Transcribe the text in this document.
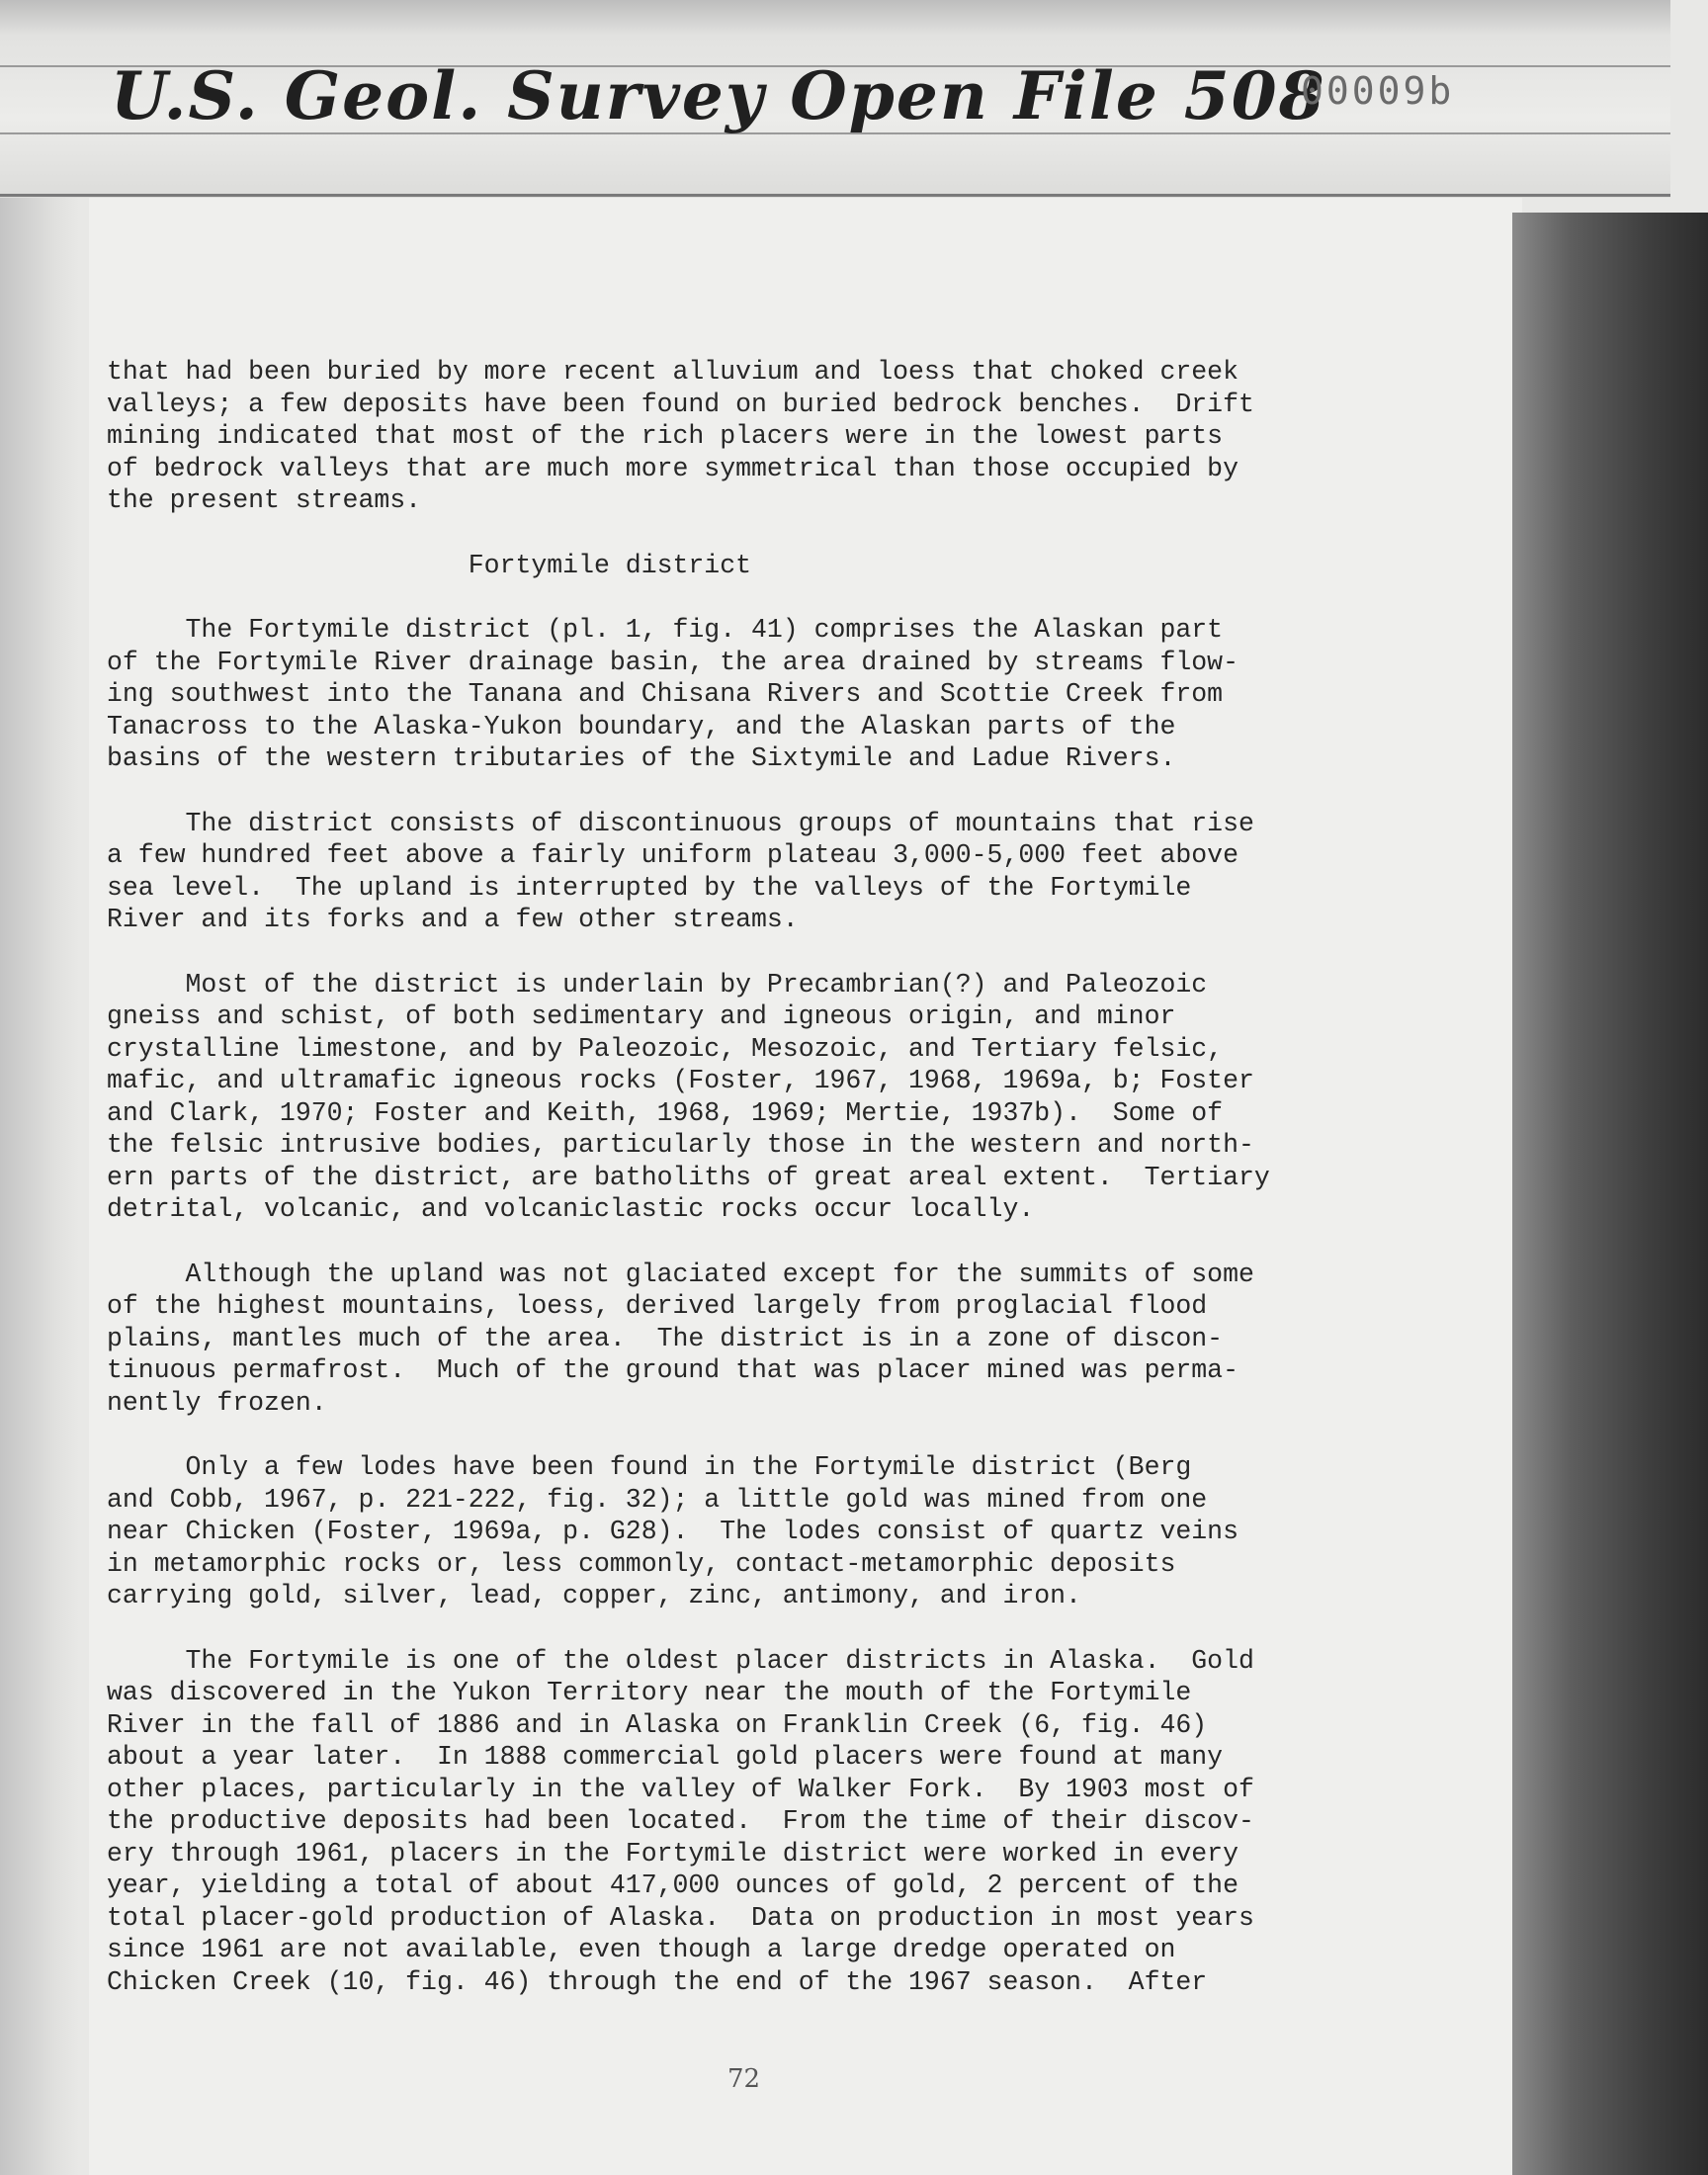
U.S. Geol. Survey Open File 508
00009b

that had been buried by more recent alluvium and loess that choked creek
valleys; a few deposits have been found on buried bedrock benches.  Drift
mining indicated that most of the rich placers were in the lowest parts
of bedrock valleys that are much more symmetrical than those occupied by
the present streams.

Fortymile district

The Fortymile district (pl. 1, fig. 41) comprises the Alaskan part
of the Fortymile River drainage basin, the area drained by streams flow-
ing southwest into the Tanana and Chisana Rivers and Scottie Creek from
Tanacross to the Alaska-Yukon boundary, and the Alaskan parts of the
basins of the western tributaries of the Sixtymile and Ladue Rivers.

The district consists of discontinuous groups of mountains that rise
a few hundred feet above a fairly uniform plateau 3,000-5,000 feet above
sea level.  The upland is interrupted by the valleys of the Fortymile
River and its forks and a few other streams.

Most of the district is underlain by Precambrian(?) and Paleozoic
gneiss and schist, of both sedimentary and igneous origin, and minor
crystalline limestone, and by Paleozoic, Mesozoic, and Tertiary felsic,
mafic, and ultramafic igneous rocks (Foster, 1967, 1968, 1969a, b; Foster
and Clark, 1970; Foster and Keith, 1968, 1969; Mertie, 1937b).  Some of
the felsic intrusive bodies, particularly those in the western and north-
ern parts of the district, are batholiths of great areal extent.  Tertiary
detrital, volcanic, and volcaniclastic rocks occur locally.

Although the upland was not glaciated except for the summits of some
of the highest mountains, loess, derived largely from proglacial flood
plains, mantles much of the area.  The district is in a zone of discon-
tinuous permafrost.  Much of the ground that was placer mined was perma-
nently frozen.

Only a few lodes have been found in the Fortymile district (Berg
and Cobb, 1967, p. 221-222, fig. 32); a little gold was mined from one
near Chicken (Foster, 1969a, p. G28).  The lodes consist of quartz veins
in metamorphic rocks or, less commonly, contact-metamorphic deposits
carrying gold, silver, lead, copper, zinc, antimony, and iron.

The Fortymile is one of the oldest placer districts in Alaska.  Gold
was discovered in the Yukon Territory near the mouth of the Fortymile
River in the fall of 1886 and in Alaska on Franklin Creek (6, fig. 46)
about a year later.  In 1888 commercial gold placers were found at many
other places, particularly in the valley of Walker Fork.  By 1903 most of
the productive deposits had been located.  From the time of their discov-
ery through 1961, placers in the Fortymile district were worked in every
year, yielding a total of about 417,000 ounces of gold, 2 percent of the
total placer-gold production of Alaska.  Data on production in most years
since 1961 are not available, even though a large dredge operated on
Chicken Creek (10, fig. 46) through the end of the 1967 season.  After

72
